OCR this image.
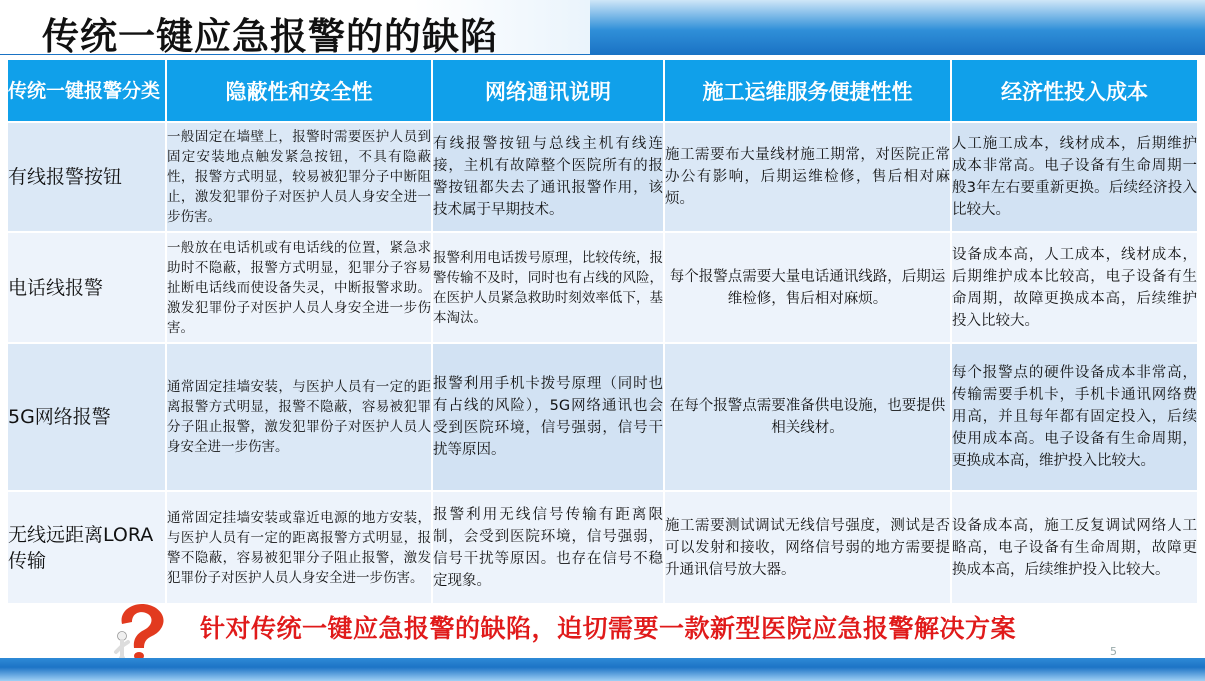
传统一键应急报警的的缺陷
传统一键报警分类	隐蔽性和安全性	网络通讯说明	施工运维服务便捷性性	经济性投入成本
有线报警按钮	一般固定在墙壁上，报警时需要医护人员到固定安装地点触发紧急按钮，不具有隐蔽性，报警方式明显，较易被犯罪分子中断阻止，激发犯罪份子对医护人员人身安全进一步伤害。	有线报警按钮与总线主机有线连接，主机有故障整个医院所有的报警按钮都失去了通讯报警作用，该技术属于早期技术。	施工需要布大量线材施工期常，对医院正常办公有影响，后期运维检修，售后相对麻烦。	人工施工成本，线材成本，后期维护成本非常高。电子设备有生命周期一般3年左右要重新更换。后续经济投入比较大。
电话线报警	一般放在电话机或有电话线的位置，紧急求助时不隐蔽，报警方式明显，犯罪分子容易扯断电话线而使设备失灵，中断报警求助。激发犯罪份子对医护人员人身安全进一步伤害。	报警利用电话拨号原理，比较传统，报警传输不及时，同时也有占线的风险，在医护人员紧急救助时刻效率低下，基本淘汰。	每个报警点需要大量电话通讯线路，后期运维检修，售后相对麻烦。	设备成本高，人工成本，线材成本，后期维护成本比较高，电子设备有生命周期，故障更换成本高，后续维护投入比较大。
5G网络报警	通常固定挂墙安装，与医护人员有一定的距离报警方式明显，报警不隐蔽，容易被犯罪分子阻止报警，激发犯罪份子对医护人员人身安全进一步伤害。	报警利用手机卡拨号原理（同时也有占线的风险），5G网络通讯也会受到医院环境，信号强弱，信号干扰等原因。	在每个报警点需要准备供电设施，也要提供相关线材。	每个报警点的硬件设备成本非常高，传输需要手机卡，手机卡通讯网络费用高，并且每年都有固定投入，后续使用成本高。电子设备有生命周期，更换成本高，维护投入比较大。
无线远距离LORA传输	通常固定挂墙安装或靠近电源的地方安装，与医护人员有一定的距离报警方式明显，报警不隐蔽，容易被犯罪分子阻止报警，激发犯罪份子对医护人员人身安全进一步伤害。	报警利用无线信号传输有距离限制，会受到医院环境，信号强弱，信号干扰等原因。也存在信号不稳定现象。	施工需要测试调试无线信号强度，测试是否可以发射和接收，网络信号弱的地方需要提升通讯信号放大器。	设备成本高，施工反复调试网络人工略高，电子设备有生命周期，故障更换成本高，后续维护投入比较大。
针对传统一键应急报警的缺陷，迫切需要一款新型医院应急报警解决方案
5
